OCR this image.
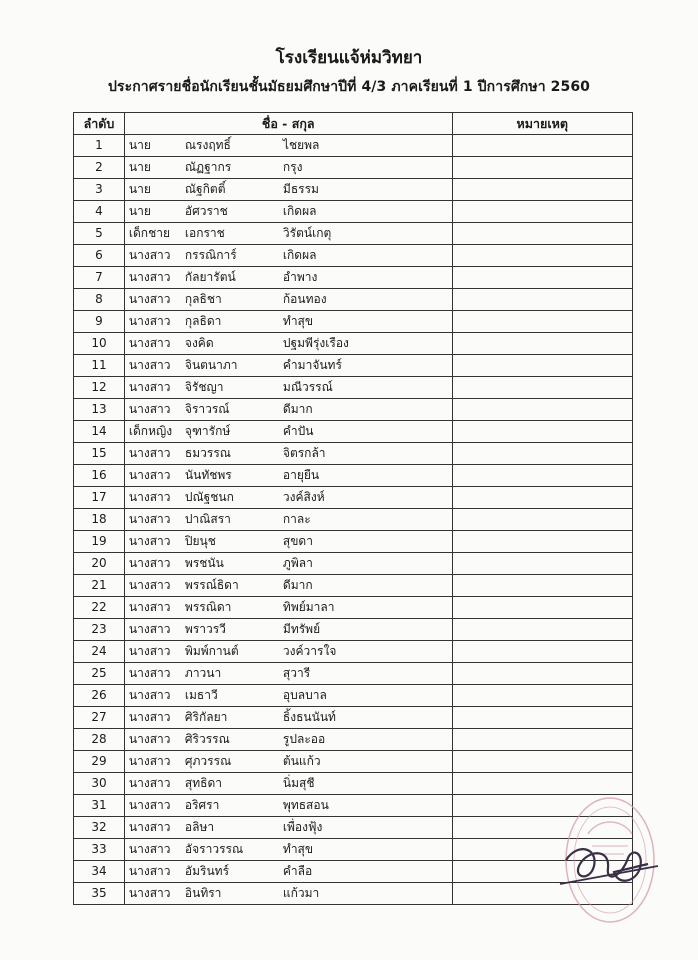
โรงเรียนแจ้ห่มวิทยา
ประกาศรายชื่อนักเรียนชั้นมัธยมศึกษาปีที่ 4/3 ภาคเรียนที่ 1 ปีการศึกษา 2560
ลำดับ	ชื่อ - สกุล	หมายเหตุ
1	นาย ณรงฤทธิ์ ไชยพล	

2	นาย ณัฏฐากร กรุง	

3	นาย ณัฐกิตติ์ มีธรรม	

4	นาย อัศวราช เกิดผล	

5	เด็กชาย เอกราช วิรัตน์เกตุ	

6	นางสาว กรรณิการ์ เกิดผล	

7	นางสาว กัลยารัตน์ อำพาง	

8	นางสาว กุลธิชา ก้อนทอง	

9	นางสาว กุลธิดา ทำสุข	

10	นางสาว จงคิด ปฐมพีรุ่งเรือง	

11	นางสาว จินตนาภา คำมาจันทร์	

12	นางสาว จิรัชญา มณีวรรณ์	

13	นางสาว จิราวรณ์ ดีมาก	

14	เด็กหญิง จุฑารักษ์ คำปัน	

15	นางสาว ธมวรรณ จิตรกล้า	

16	นางสาว นันทัชพร อายุยืน	

17	นางสาว ปณัฐชนก วงค์สิงห์	

18	นางสาว ปาณิสรา กาละ	

19	นางสาว ปิยนุช สุขดา	

20	นางสาว พรชนัน ภูพิลา	

21	นางสาว พรรณ์ธิดา ดีมาก	

22	นางสาว พรรณิดา ทิพย์มาลา	

23	นางสาว พราวรวี มีทรัพย์	

24	นางสาว พิมพ์กานต์ วงค์วารใจ	

25	นางสาว ภาวนา สุวารี	

26	นางสาว เมธาวี อุบลบาล	

27	นางสาว ศิริกัลยา ธิ้งธนนันท์	

28	นางสาว ศิริวรรณ รูปละออ	

29	นางสาว ศุภวรรณ ต้นแก้ว	

30	นางสาว สุทธิดา นิ่มสุชี	

31	นางสาว อริศรา พุทธสอน	

32	นางสาว อลิษา เพื่องฟุ้ง	

33	นางสาว อัจราวรรณ ทำสุข	

34	นางสาว อัมรินทร์ คำลือ	

35	นางสาว อินทิรา แก้วมา	
